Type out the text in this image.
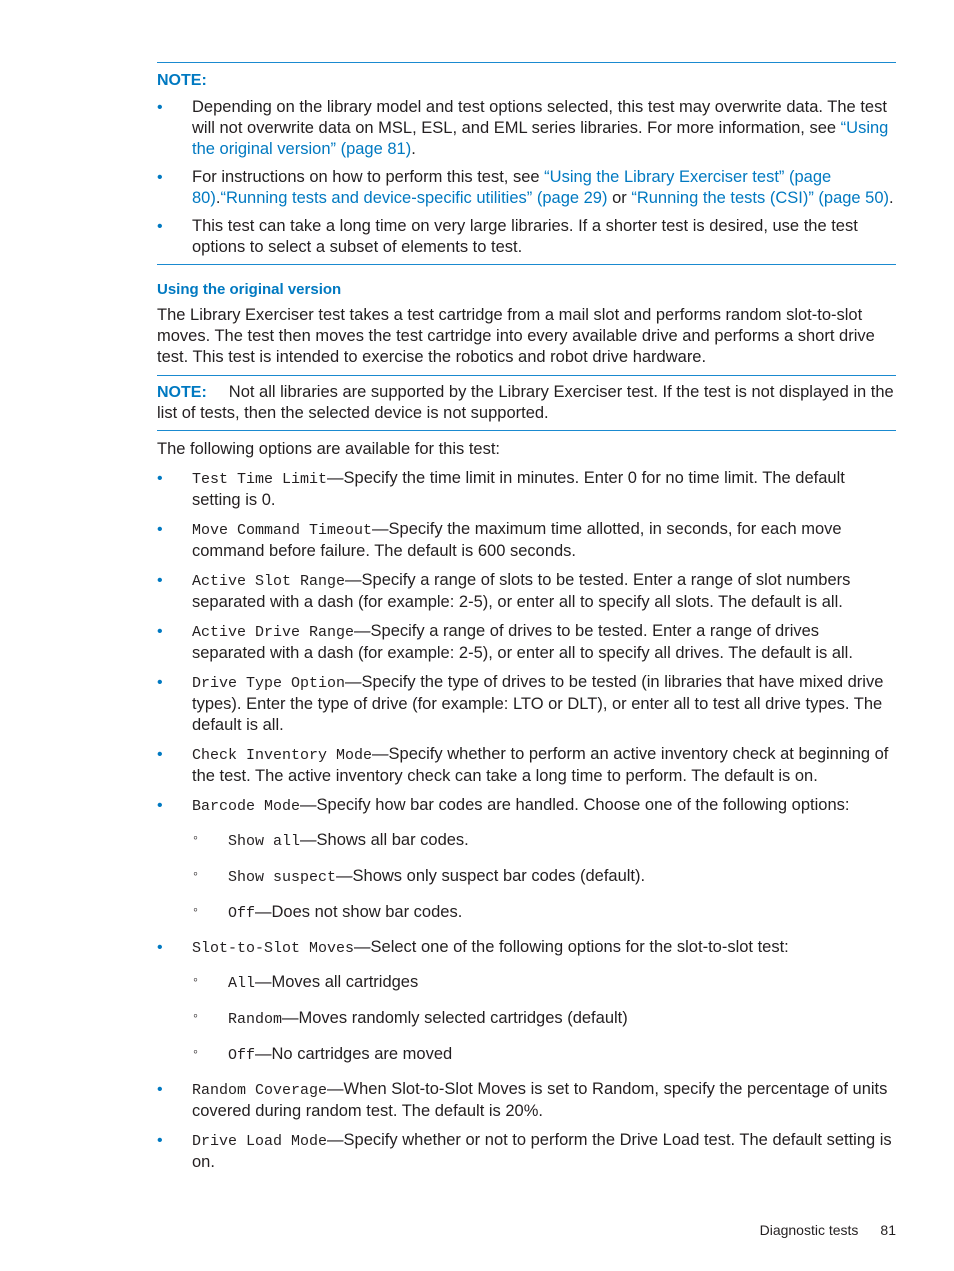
NOTE:
• Depending on the library model and test options selected, this test may overwrite data. The test will not overwrite data on MSL, ESL, and EML series libraries. For more information, see “Using the original version” (page 81).
• For instructions on how to perform this test, see “Using the Library Exerciser test” (page 80).“Running tests and device-specific utilities” (page 29) or “Running the tests (CSI)” (page 50).
• This test can take a long time on very large libraries. If a shorter test is desired, use the test options to select a subset of elements to test.
Using the original version
The Library Exerciser test takes a test cartridge from a mail slot and performs random slot-to-slot moves. The test then moves the test cartridge into every available drive and performs a short drive test. This test is intended to exercise the robotics and robot drive hardware.
NOTE: Not all libraries are supported by the Library Exerciser test. If the test is not displayed in the list of tests, then the selected device is not supported.
The following options are available for this test:
• Test Time Limit—Specify the time limit in minutes. Enter 0 for no time limit. The default setting is 0.
• Move Command Timeout—Specify the maximum time allotted, in seconds, for each move command before failure. The default is 600 seconds.
• Active Slot Range—Specify a range of slots to be tested. Enter a range of slot numbers separated with a dash (for example: 2-5), or enter all to specify all slots. The default is all.
• Active Drive Range—Specify a range of drives to be tested. Enter a range of drives separated with a dash (for example: 2-5), or enter all to specify all drives. The default is all.
• Drive Type Option—Specify the type of drives to be tested (in libraries that have mixed drive types). Enter the type of drive (for example: LTO or DLT), or enter all to test all drive types. The default is all.
• Check Inventory Mode—Specify whether to perform an active inventory check at beginning of the test. The active inventory check can take a long time to perform. The default is on.
• Barcode Mode—Specify how bar codes are handled. Choose one of the following options:
◦ Show all—Shows all bar codes.
◦ Show suspect—Shows only suspect bar codes (default).
◦ Off—Does not show bar codes.
• Slot-to-Slot Moves—Select one of the following options for the slot-to-slot test:
◦ All—Moves all cartridges
◦ Random—Moves randomly selected cartridges (default)
◦ Off—No cartridges are moved
• Random Coverage—When Slot-to-Slot Moves is set to Random, specify the percentage of units covered during random test. The default is 20%.
• Drive Load Mode—Specify whether or not to perform the Drive Load test. The default setting is on.
Diagnostic tests 81
